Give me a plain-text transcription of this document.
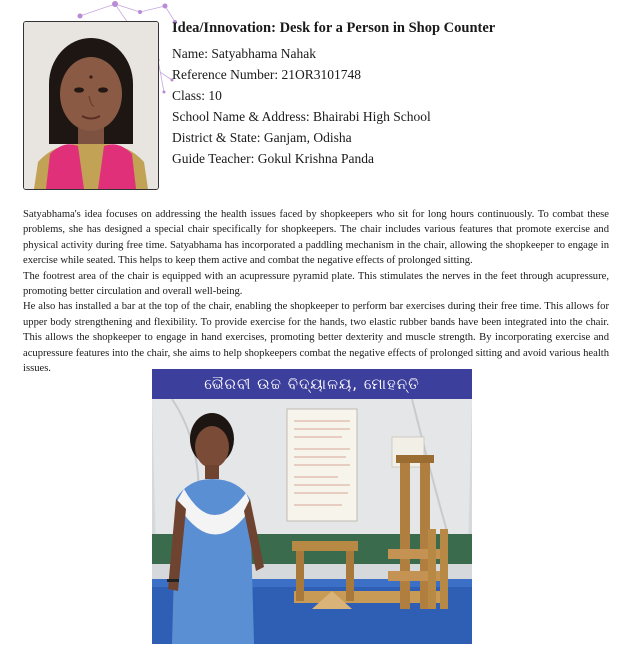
Idea/Innovation: Desk for a Person in Shop Counter
Name: Satyabhama Nahak
Reference Number: 21OR3101748
Class: 10
School Name & Address: Bhairabi High School
District & State: Ganjam, Odisha
Guide Teacher: Gokul Krishna Panda

Satyabhama's idea focuses on addressing the health issues faced by shopkeepers who sit for long hours continuously. To combat these problems, she has designed a special chair specifically for shopkeepers. The chair includes various features that promote exercise and physical activity during free time. Satyabhama has incorporated a paddling mechanism in the chair, allowing the shopkeeper to engage in exercise while seated. This helps to keep them active and combat the negative effects of prolonged sitting.

The footrest area of the chair is equipped with an acupressure pyramid plate. This stimulates the nerves in the feet through acupressure, promoting better circulation and overall well-being.

He also has installed a bar at the top of the chair, enabling the shopkeeper to perform bar exercises during their free time. This allows for upper body strengthening and flexibility. To provide exercise for the hands, two elastic rubber bands have been integrated into the chair. This allows the shopkeeper to engage in hand exercises, promoting better dexterity and muscle strength. By incorporating exercise and acupressure features into the chair, she aims to help shopkeepers combat the negative effects of prolonged sitting and avoid various health issues.

ଭୈରବୀ ଉଚ୍ଚ ବିଦ୍ୟାଳୟ, ମୋହନ୍ତି
